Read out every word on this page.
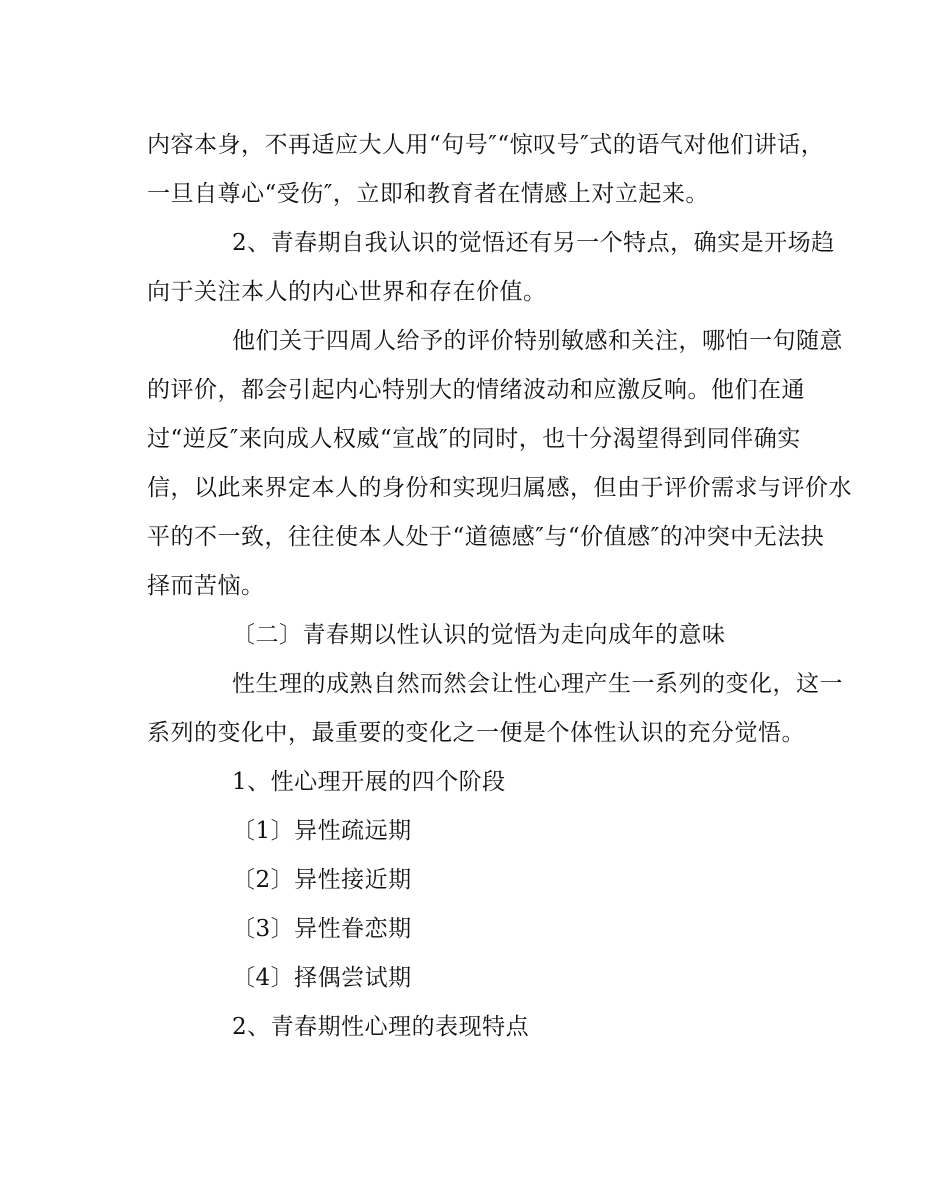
内容本身，不再适应大人用“句号″“惊叹号″式的语气对他们讲话，
一旦自尊心“受伤″，立即和教育者在情感上对立起来。
2、青春期自我认识的觉悟还有另一个特点，确实是开场趋
向于关注本人的内心世界和存在价值。
他们关于四周人给予的评价特别敏感和关注，哪怕一句随意
的评价，都会引起内心特别大的情绪波动和应激反响。他们在通
过“逆反″来向成人权威“宣战″的同时，也十分渴望得到同伴确实
信，以此来界定本人的身份和实现归属感，但由于评价需求与评价水
平的不一致，往往使本人处于“道德感″与“价值感″的冲突中无法抉
择而苦恼。
〔二〕青春期以性认识的觉悟为走向成年的意味
性生理的成熟自然而然会让性心理产生一系列的变化，这一
系列的变化中，最重要的变化之一便是个体性认识的充分觉悟。
1、性心理开展的四个阶段
〔1〕异性疏远期
〔2〕异性接近期
〔3〕异性眷恋期
〔4〕择偶尝试期
2、青春期性心理的表现特点
